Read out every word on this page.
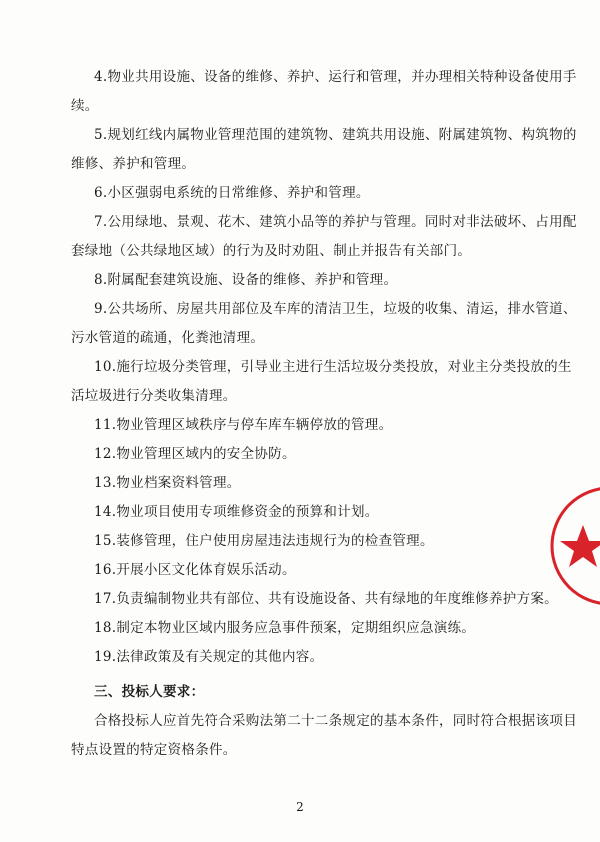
4.物业共用设施、设备的维修、养护、运行和管理，并办理相关特种设备使用手
续。
5.规划红线内属物业管理范围的建筑物、建筑共用设施、附属建筑物、构筑物的
维修、养护和管理。
6.小区强弱电系统的日常维修、养护和管理。
7.公用绿地、景观、花木、建筑小品等的养护与管理。同时对非法破坏、占用配
套绿地（公共绿地区域）的行为及时劝阻、制止并报告有关部门。
8.附属配套建筑设施、设备的维修、养护和管理。
9.公共场所、房屋共用部位及车库的清洁卫生，垃圾的收集、清运，排水管道、
污水管道的疏通，化粪池清理。
10.施行垃圾分类管理，引导业主进行生活垃圾分类投放，对业主分类投放的生
活垃圾进行分类收集清理。
11.物业管理区域秩序与停车库车辆停放的管理。
12.物业管理区域内的安全协防。
13.物业档案资料管理。
14.物业项目使用专项维修资金的预算和计划。
15.装修管理，住户使用房屋违法违规行为的检查管理。
16.开展小区文化体育娱乐活动。
17.负责编制物业共有部位、共有设施设备、共有绿地的年度维修养护方案。
18.制定本物业区域内服务应急事件预案，定期组织应急演练。
19.法律政策及有关规定的其他内容。
三、投标人要求：
合格投标人应首先符合采购法第二十二条规定的基本条件，同时符合根据该项目
特点设置的特定资格条件。
2
